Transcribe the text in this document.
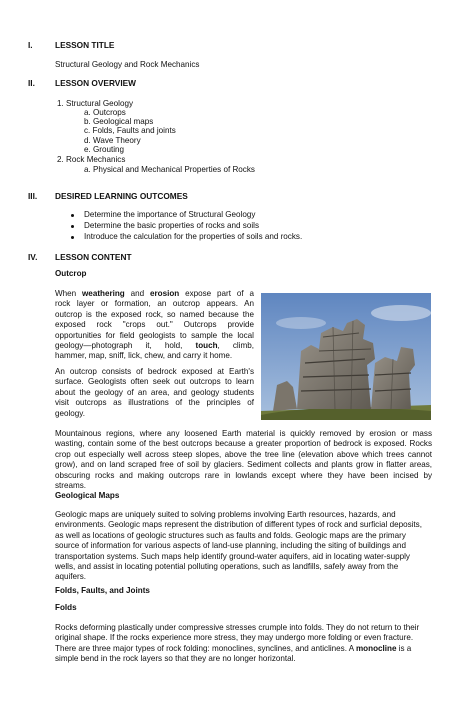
I.	LESSON TITLE
Structural Geology and Rock Mechanics
II. LESSON OVERVIEW
1. Structural Geology
a. Outcrops
b. Geological maps
c. Folds, Faults and joints
d. Wave Theory
e. Grouting
2. Rock Mechanics
a. Physical and Mechanical Properties of Rocks
III. DESIRED LEARNING OUTCOMES
Determine the importance of Structural Geology
Determine the basic properties of rocks and soils
Introduce the calculation for the properties of soils and rocks.
IV. LESSON CONTENT
Outcrop
When weathering and erosion expose part of a
rock layer or formation, an outcrop appears. An
outcrop is the exposed rock, so named because the
exposed rock "crops out." Outcrops provide
opportunities for field geologists to sample the local
geology—photograph it, hold, touch, climb,
hammer, map, sniff, lick, chew, and carry it home.
An outcrop consists of bedrock exposed at Earth's
surface. Geologists often seek out outcrops to learn
about the geology of an area, and geology students
visit outcrops as illustrations of the principles of
geology.
Mountainous regions, where any loosened Earth material is quickly removed by erosion or mass
wasting, contain some of the best outcrops because a greater proportion of bedrock is exposed. Rocks
crop out especially well across steep slopes, above the tree line (elevation above which trees cannot
grow), and on land scraped free of soil by glaciers. Sediment collects and plants grow in flatter areas,
obscuring rocks and making outcrops rare in lowlands except where they have been incised by
streams.
Geological Maps
Geologic maps are uniquely suited to solving problems involving Earth resources, hazards, and
environments. Geologic maps represent the distribution of different types of rock and surficial deposits,
as well as locations of geologic structures such as faults and folds. Geologic maps are the primary
source of information for various aspects of land-use planning, including the siting of buildings and
transportation systems. Such maps help identify ground-water aquifers, aid in locating water-supply
wells, and assist in locating potential polluting operations, such as landfills, safely away from the
aquifers.
Folds, Faults, and Joints
Folds
Rocks deforming plastically under compressive stresses crumple into folds. They do not return to their
original shape. If the rocks experience more stress, they may undergo more folding or even fracture.
There are three major types of rock folding: monoclines, synclines, and anticlines. A monocline is a
simple bend in the rock layers so that they are no longer horizontal.
